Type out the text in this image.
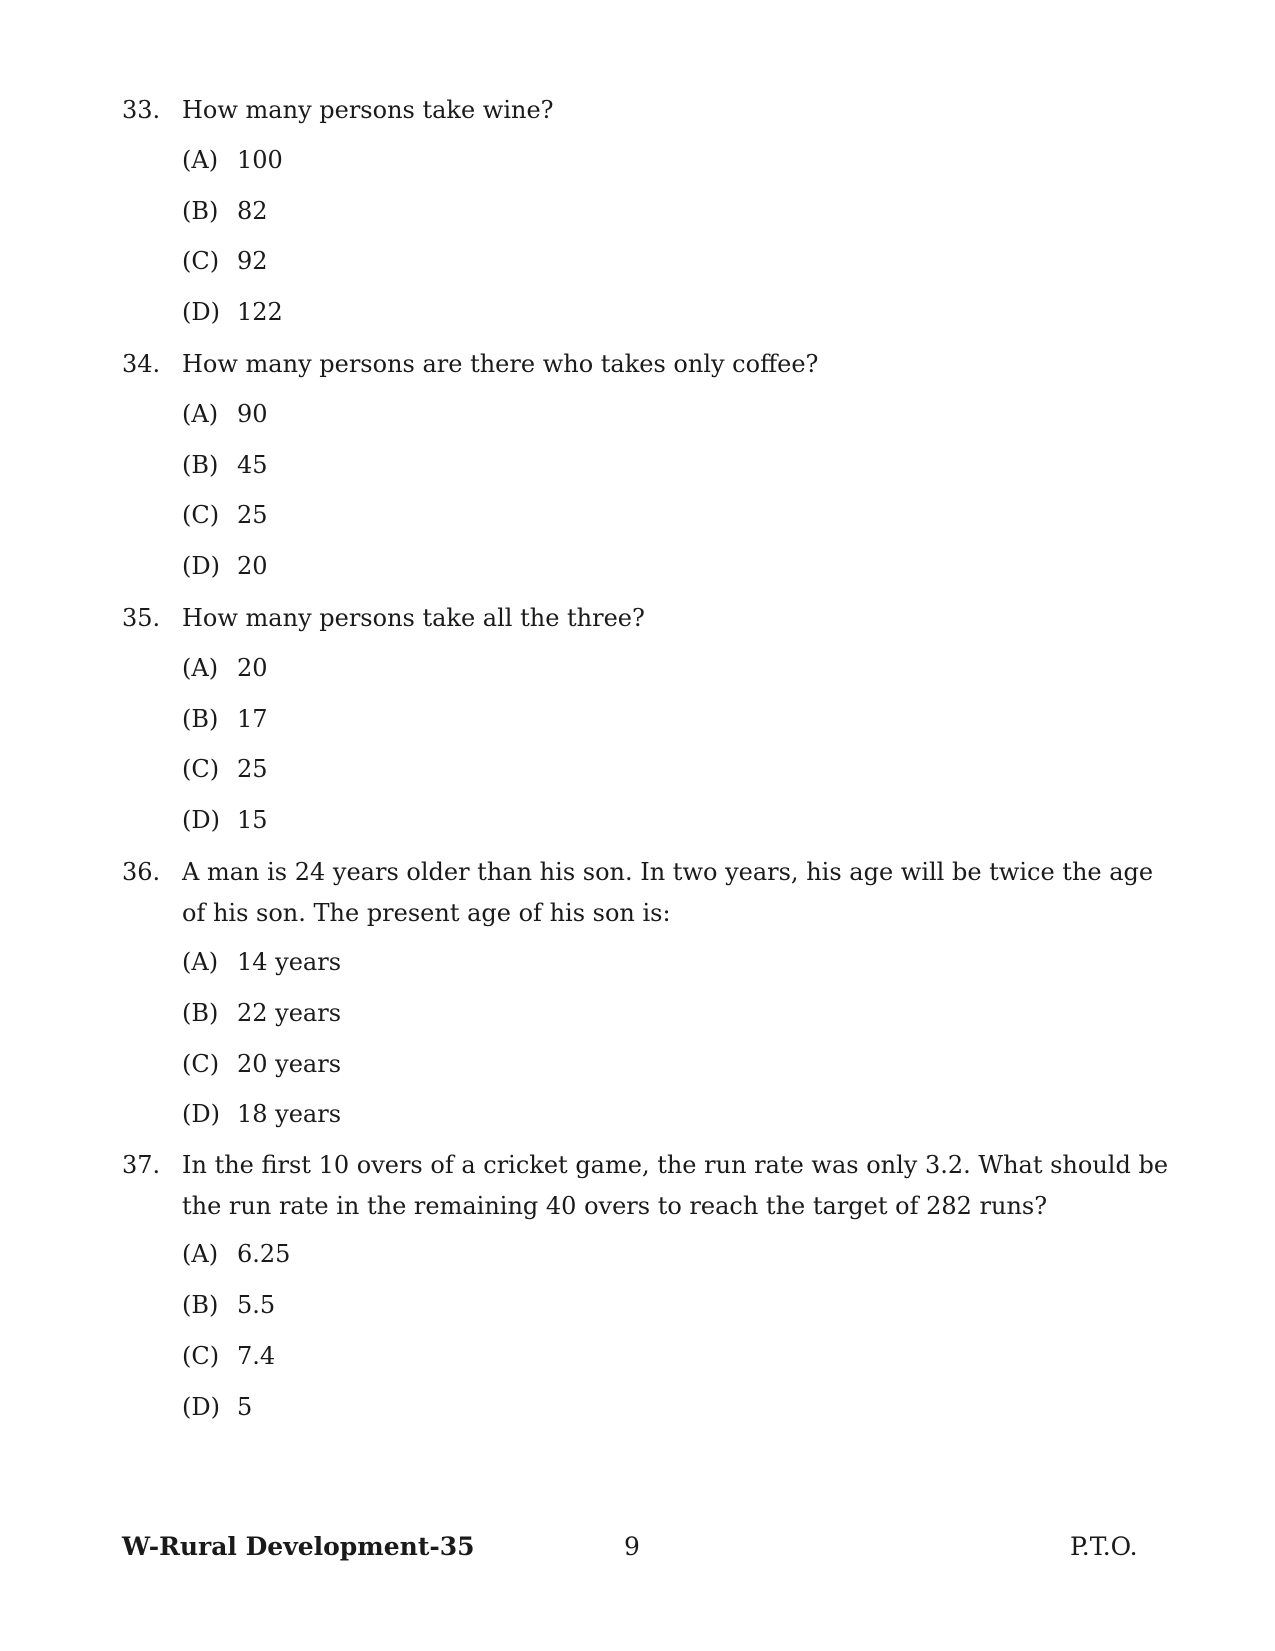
33. How many persons take wine?
(A) 100
(B) 82
(C) 92
(D) 122
34. How many persons are there who takes only coffee?
(A) 90
(B) 45
(C) 25
(D) 20
35. How many persons take all the three?
(A) 20
(B) 17
(C) 25
(D) 15
36. A man is 24 years older than his son. In two years, his age will be twice the age of his son. The present age of his son is:
(A) 14 years
(B) 22 years
(C) 20 years
(D) 18 years
37. In the first 10 overs of a cricket game, the run rate was only 3.2. What should be the run rate in the remaining 40 overs to reach the target of 282 runs?
(A) 6.25
(B) 5.5
(C) 7.4
(D) 5
W-Rural Development-35	9	P.T.O.
